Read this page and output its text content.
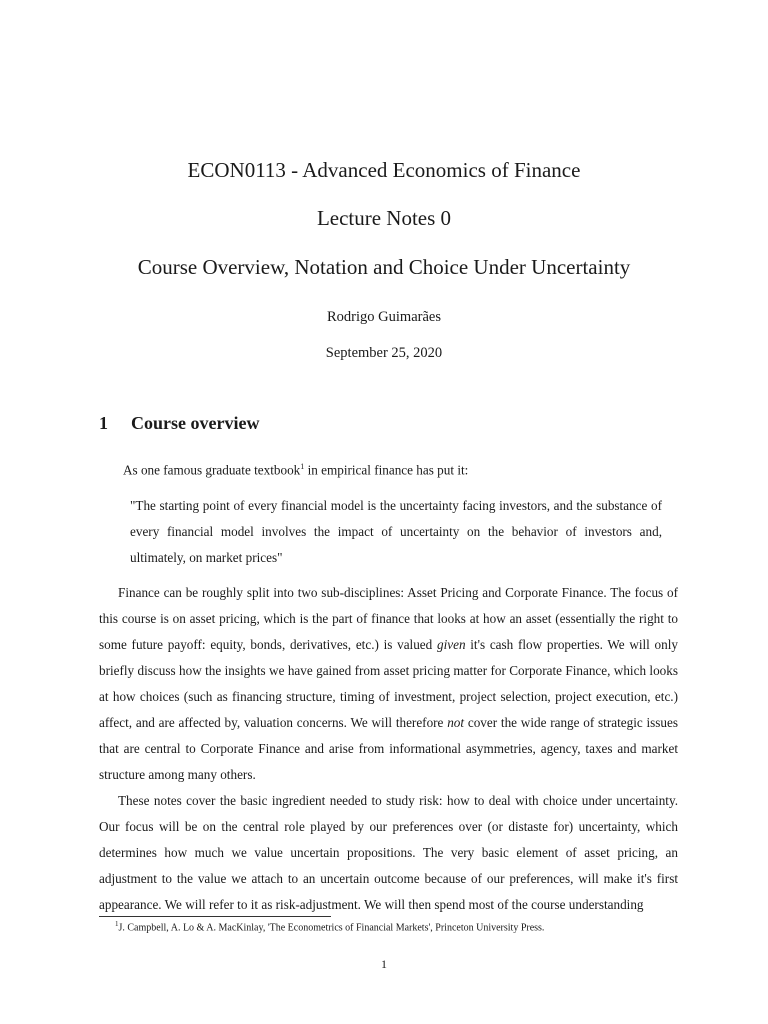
ECON0113 - Advanced Economics of Finance
Lecture Notes 0
Course Overview, Notation and Choice Under Uncertainty
Rodrigo Guimarães
September 25, 2020
1 Course overview
As one famous graduate textbook$^1$ in empirical finance has put it:
"The starting point of every financial model is the uncertainty facing investors, and the substance of every financial model involves the impact of uncertainty on the behavior of investors and, ultimately, on market prices"
Finance can be roughly split into two sub-disciplines: Asset Pricing and Corporate Finance. The focus of this course is on asset pricing, which is the part of finance that looks at how an asset (essentially the right to some future payoff: equity, bonds, derivatives, etc.) is valued given it's cash flow properties. We will only briefly discuss how the insights we have gained from asset pricing matter for Corporate Finance, which looks at how choices (such as financing structure, timing of investment, project selection, project execution, etc.) affect, and are affected by, valuation concerns. We will therefore not cover the wide range of strategic issues that are central to Corporate Finance and arise from informational asymmetries, agency, taxes and market structure among many others.
These notes cover the basic ingredient needed to study risk: how to deal with choice under uncertainty. Our focus will be on the central role played by our preferences over (or distaste for) uncertainty, which determines how much we value uncertain propositions. The very basic element of asset pricing, an adjustment to the value we attach to an uncertain outcome because of our preferences, will make it's first appearance. We will refer to it as risk-adjustment. We will then spend most of the course understanding
$^1$J. Campbell, A. Lo & A. MacKinlay, 'The Econometrics of Financial Markets', Princeton University Press.
1
